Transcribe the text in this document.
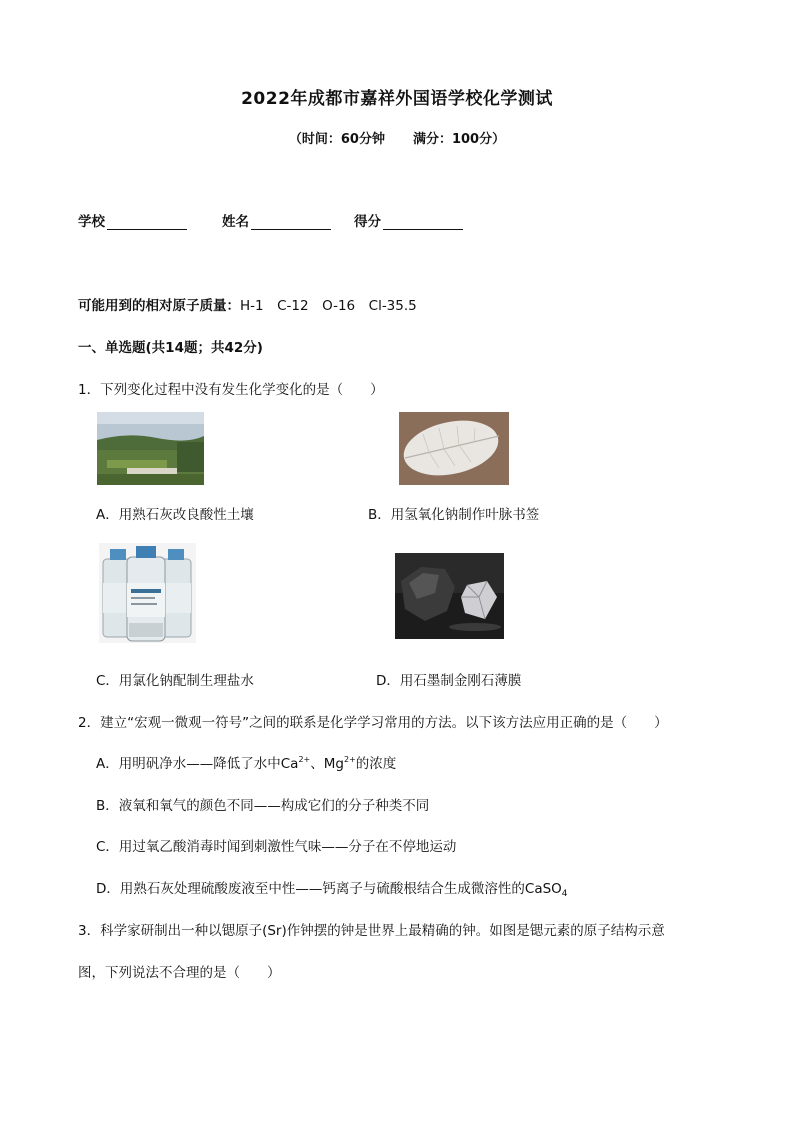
2022年成都市嘉祥外国语学校化学测试
（时间：60分钟 满分：100分）
学校	姓名	得分
可能用到的相对原子质量：H-1　C-12　O-16　Cl-35.5
一、单选题(共14题；共42分)
1．下列变化过程中没有发生化学变化的是（　　）
A．用熟石灰改良酸性土壤	B．用氢氧化钠制作叶脉书签
C．用氯化钠配制生理盐水	D．用石墨制金刚石薄膜
2．建立“宏观一微观一符号”之间的联系是化学学习常用的方法。以下该方法应用正确的是（　　）
A．用明矾净水——降低了水中$Ca^{2+}$、$Mg^{2+}$的浓度
B．液氧和氧气的颜色不同——构成它们的分子种类不同
C．用过氧乙酸消毒时闻到刺激性气味——分子在不停地运动
D．用熟石灰处理硫酸废液至中性——钙离子与硫酸根结合生成微溶性的CaSO$_4$
3．科学家研制出一种以锶原子(Sr)作钟摆的钟是世界上最精确的钟。如图是锶元素的原子结构示意
图，下列说法不合理的是（　　）
